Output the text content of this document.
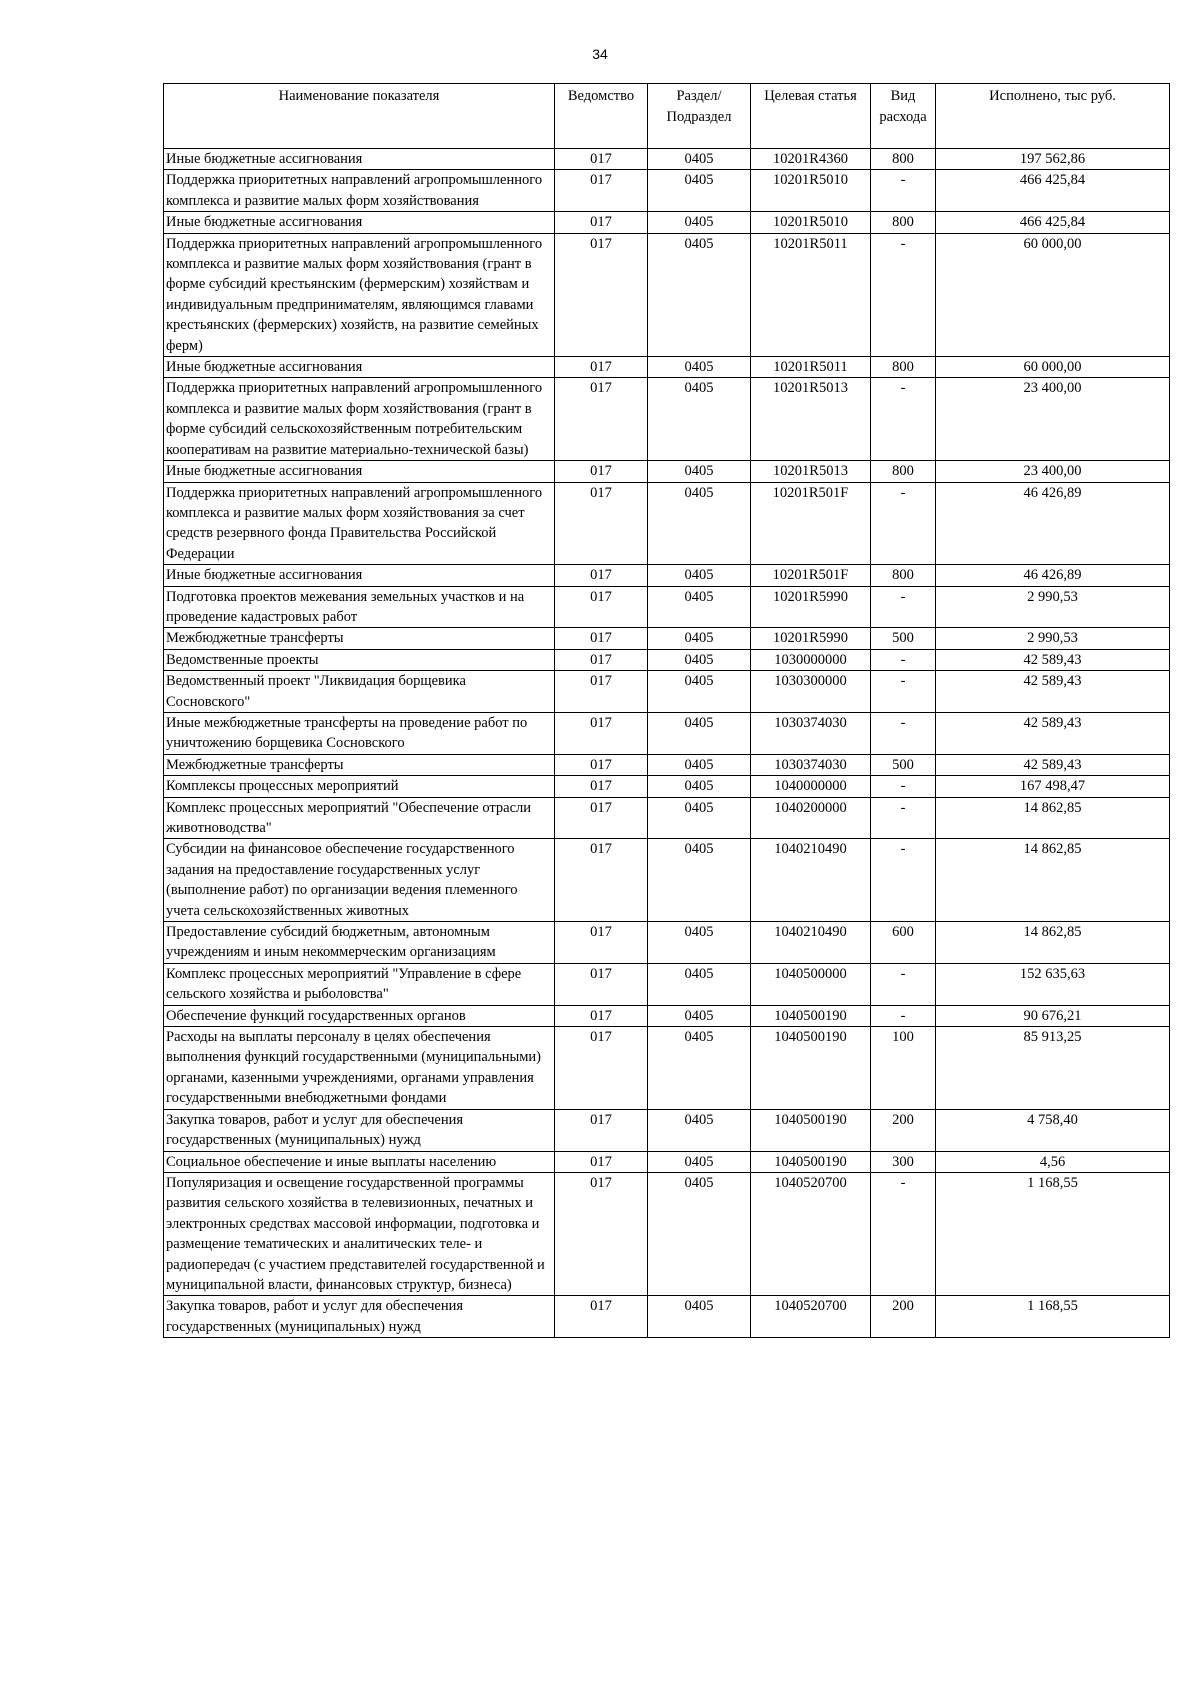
34
Наименование показателя	Ведомство	Раздел/ Подраздел	Целевая статья	Вид расхода	Исполнено, тыс руб.
Иные бюджетные ассигнования	017	0405	10201R4360	800	197 562,86
Поддержка приоритетных направлений агропромышленного комплекса и развитие малых форм хозяйствования	017	0405	10201R5010	-	466 425,84
Иные бюджетные ассигнования	017	0405	10201R5010	800	466 425,84
Поддержка приоритетных направлений агропромышленного комплекса и развитие малых форм хозяйствования (грант в форме субсидий крестьянским (фермерским) хозяйствам и индивидуальным предпринимателям, являющимся главами крестьянских (фермерских) хозяйств, на развитие семейных ферм)	017	0405	10201R5011	-	60 000,00
Иные бюджетные ассигнования	017	0405	10201R5011	800	60 000,00
Поддержка приоритетных направлений агропромышленного комплекса и развитие малых форм хозяйствования (грант в форме субсидий сельскохозяйственным потребительским кооперативам на развитие материально-технической базы)	017	0405	10201R5013	-	23 400,00
Иные бюджетные ассигнования	017	0405	10201R5013	800	23 400,00
Поддержка приоритетных направлений агропромышленного комплекса и развитие малых форм хозяйствования за счет средств резервного фонда Правительства Российской Федерации	017	0405	10201R501F	-	46 426,89
Иные бюджетные ассигнования	017	0405	10201R501F	800	46 426,89
Подготовка проектов межевания земельных участков и на проведение кадастровых работ	017	0405	10201R5990	-	2 990,53
Межбюджетные трансферты	017	0405	10201R5990	500	2 990,53
Ведомственные проекты	017	0405	1030000000	-	42 589,43
Ведомственный проект "Ликвидация борщевика Сосновского"	017	0405	1030300000	-	42 589,43
Иные межбюджетные трансферты на проведение работ по уничтожению борщевика Сосновского	017	0405	1030374030	-	42 589,43
Межбюджетные трансферты	017	0405	1030374030	500	42 589,43
Комплексы процессных мероприятий	017	0405	1040000000	-	167 498,47
Комплекс процессных мероприятий "Обеспечение отрасли животноводства"	017	0405	1040200000	-	14 862,85
Субсидии на финансовое обеспечение государственного задания на предоставление государственных услуг (выполнение работ) по организации ведения племенного учета сельскохозяйственных животных	017	0405	1040210490	-	14 862,85
Предоставление субсидий бюджетным, автономным учреждениям и иным некоммерческим организациям	017	0405	1040210490	600	14 862,85
Комплекс процессных мероприятий "Управление в сфере сельского хозяйства и рыболовства"	017	0405	1040500000	-	152 635,63
Обеспечение функций государственных органов	017	0405	1040500190	-	90 676,21
Расходы на выплаты персоналу в целях обеспечения выполнения функций государственными (муниципальными) органами, казенными учреждениями, органами управления государственными внебюджетными фондами	017	0405	1040500190	100	85 913,25
Закупка товаров, работ и услуг для обеспечения государственных (муниципальных) нужд	017	0405	1040500190	200	4 758,40
Социальное обеспечение и иные выплаты населению	017	0405	1040500190	300	4,56
Популяризация и освещение государственной программы развития сельского хозяйства в телевизионных, печатных и электронных средствах массовой информации, подготовка и размещение тематических и аналитических теле- и радиопередач (с участием представителей государственной и муниципальной власти, финансовых структур, бизнеса)	017	0405	1040520700	-	1 168,55
Закупка товаров, работ и услуг для обеспечения государственных (муниципальных) нужд	017	0405	1040520700	200	1 168,55
